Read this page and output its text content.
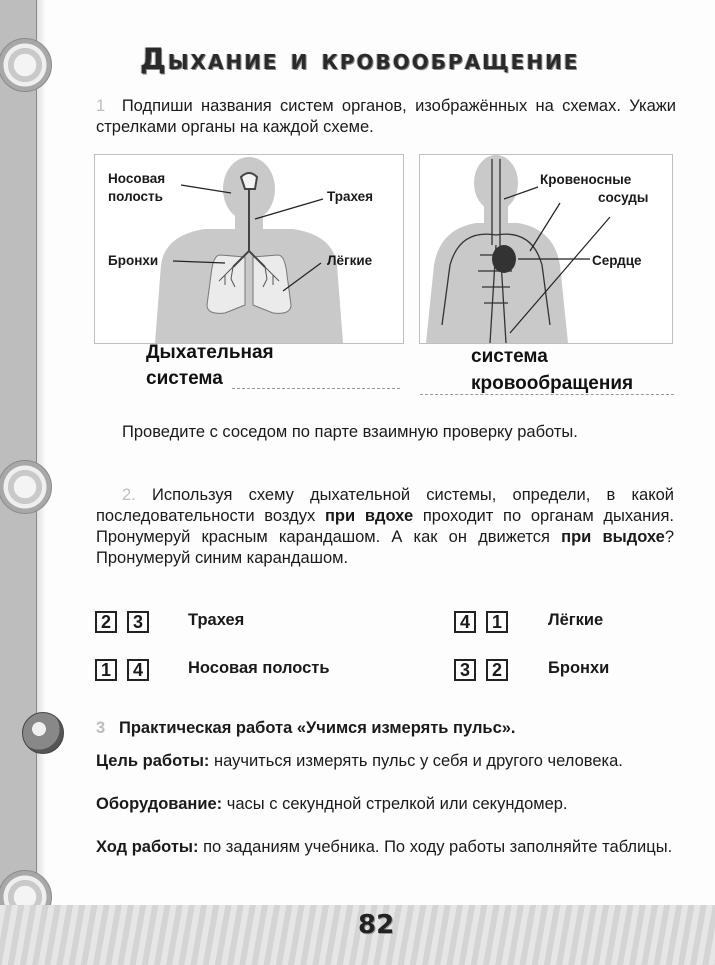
Дыхание и кровообращение
1 Подпиши названия систем органов, изображённых на схемах. Укажи стрелками органы на каждой схеме.
Носовая
полость	Трахея
Бронхи	Лёгкие
Кровеносные
сосуды
Сердце
Дыхательная
система
система
кровообращения
Проведите с соседом по парте взаимную проверку работы.
2. Используя схему дыхательной системы, определи, в какой последовательности воздух при вдохе проходит по органам дыхания. Пронумеруй красным карандашом. А как он движется при выдохе? Пронумеруй синим карандашом.
2	3	Трахея	4	1	Лёгкие
1	4	Носовая полость	3	2	Бронхи
3 Практическая работа «Учимся измерять пульс».
Цель работы: научиться измерять пульс у себя и другого человека.
Оборудование: часы с секундной стрелкой или секундомер.
Ход работы: по заданиям учебника. По ходу работы заполняйте таблицы.
82
